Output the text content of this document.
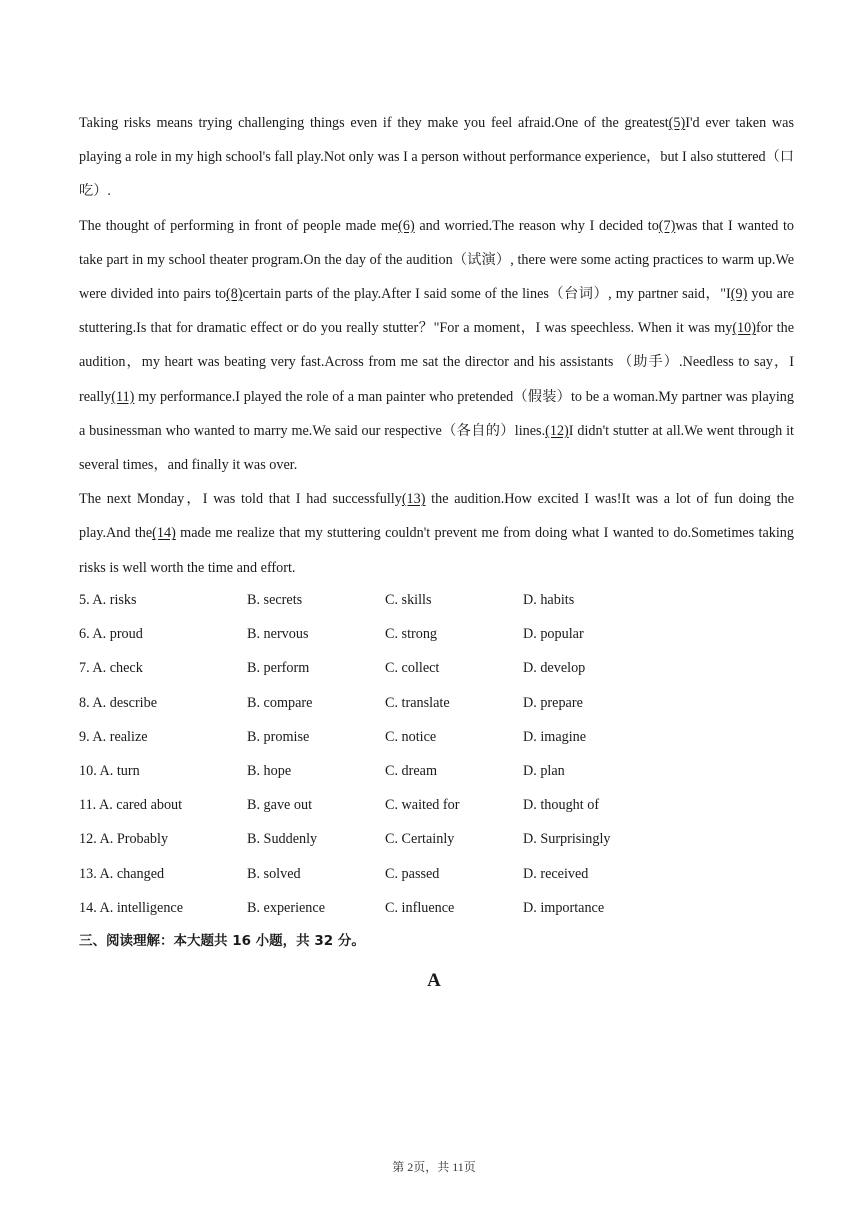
Taking risks means trying challenging things even if they make you feel afraid.One of the greatest(5)I'd ever taken was playing a role in my high school's fall play.Not only was I a person without performance experience，but I also stuttered（口吃）.

The thought of performing in front of people made me(6) and worried.The reason why I decided to(7)was that I wanted to take part in my school theater program.On the day of the audition（试演）, there were some acting practices to warm up.We were divided into pairs to(8)certain parts of the play.After I said some of the lines（台词）, my partner said，"I(9) you are stuttering.Is that for dramatic effect or do you really stutter？"For a moment，I was speechless. When it was my(10)for the audition，my heart was beating very fast.Across from me sat the director and his assistants （助手）.Needless to say，I really(11) my performance.I played the role of a man painter who pretended（假装）to be a woman.My partner was playing a businessman who wanted to marry me.We said our respective（各自的）lines.(12)I didn't stutter at all.We went through it several times，and finally it was over.

The next Monday，I was told that I had successfully(13) the audition.How excited I was!It was a lot of fun doing the play.And the(14) made me realize that my stuttering couldn't prevent me from doing what I wanted to do.Sometimes taking risks is well worth the time and effort.

5. A. risks	B. secrets	C. skills	D. habits
6. A. proud	B. nervous	C. strong	D. popular
7. A. check	B. perform	C. collect	D. develop
8. A. describe	B. compare	C. translate	D. prepare
9. A. realize	B. promise	C. notice	D. imagine
10. A. turn	B. hope	C. dream	D. plan
11. A. cared about	B. gave out	C. waited for	D. thought of
12. A. Probably	B. Suddenly	C. Certainly	D. Surprisingly
13. A. changed	B. solved	C. passed	D. received
14. A. intelligence	B. experience	C. influence	D. importance

三、阅读理解：本大题共 16 小题，共 32 分。

A

第 2页，共 11页
